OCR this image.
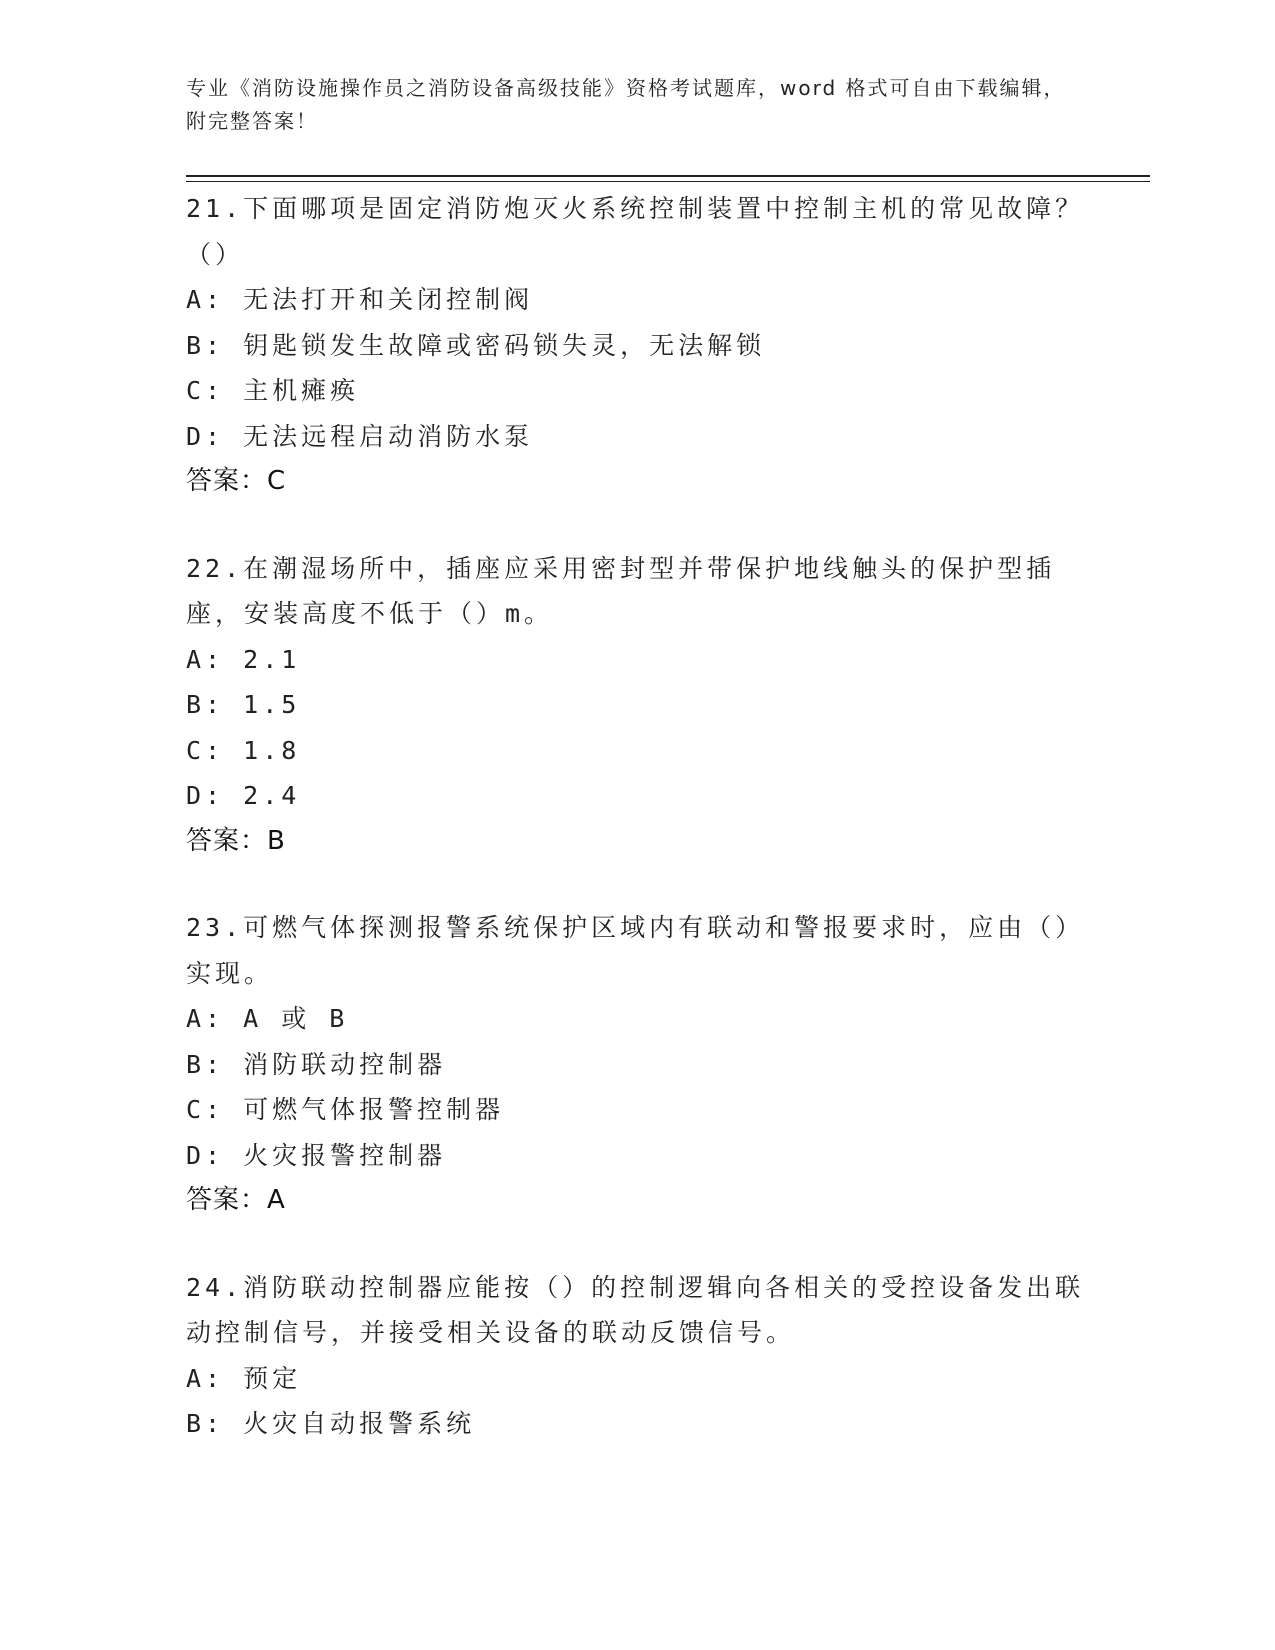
专业《消防设施操作员之消防设备高级技能》资格考试题库，word 格式可自由下载编辑，附完整答案！
21.下面哪项是固定消防炮灭火系统控制装置中控制主机的常见故障？（）
A: 无法打开和关闭控制阀
B: 钥匙锁发生故障或密码锁失灵，无法解锁
C: 主机瘫痪
D: 无法远程启动消防水泵
答案：C
22.在潮湿场所中，插座应采用密封型并带保护地线触头的保护型插座，安装高度不低于（）m。
A: 2.1
B: 1.5
C: 1.8
D: 2.4
答案：B
23.可燃气体探测报警系统保护区域内有联动和警报要求时，应由（）实现。
A: A 或 B
B: 消防联动控制器
C: 可燃气体报警控制器
D: 火灾报警控制器
答案：A
24.消防联动控制器应能按（）的控制逻辑向各相关的受控设备发出联动控制信号，并接受相关设备的联动反馈信号。
A: 预定
B: 火灾自动报警系统
